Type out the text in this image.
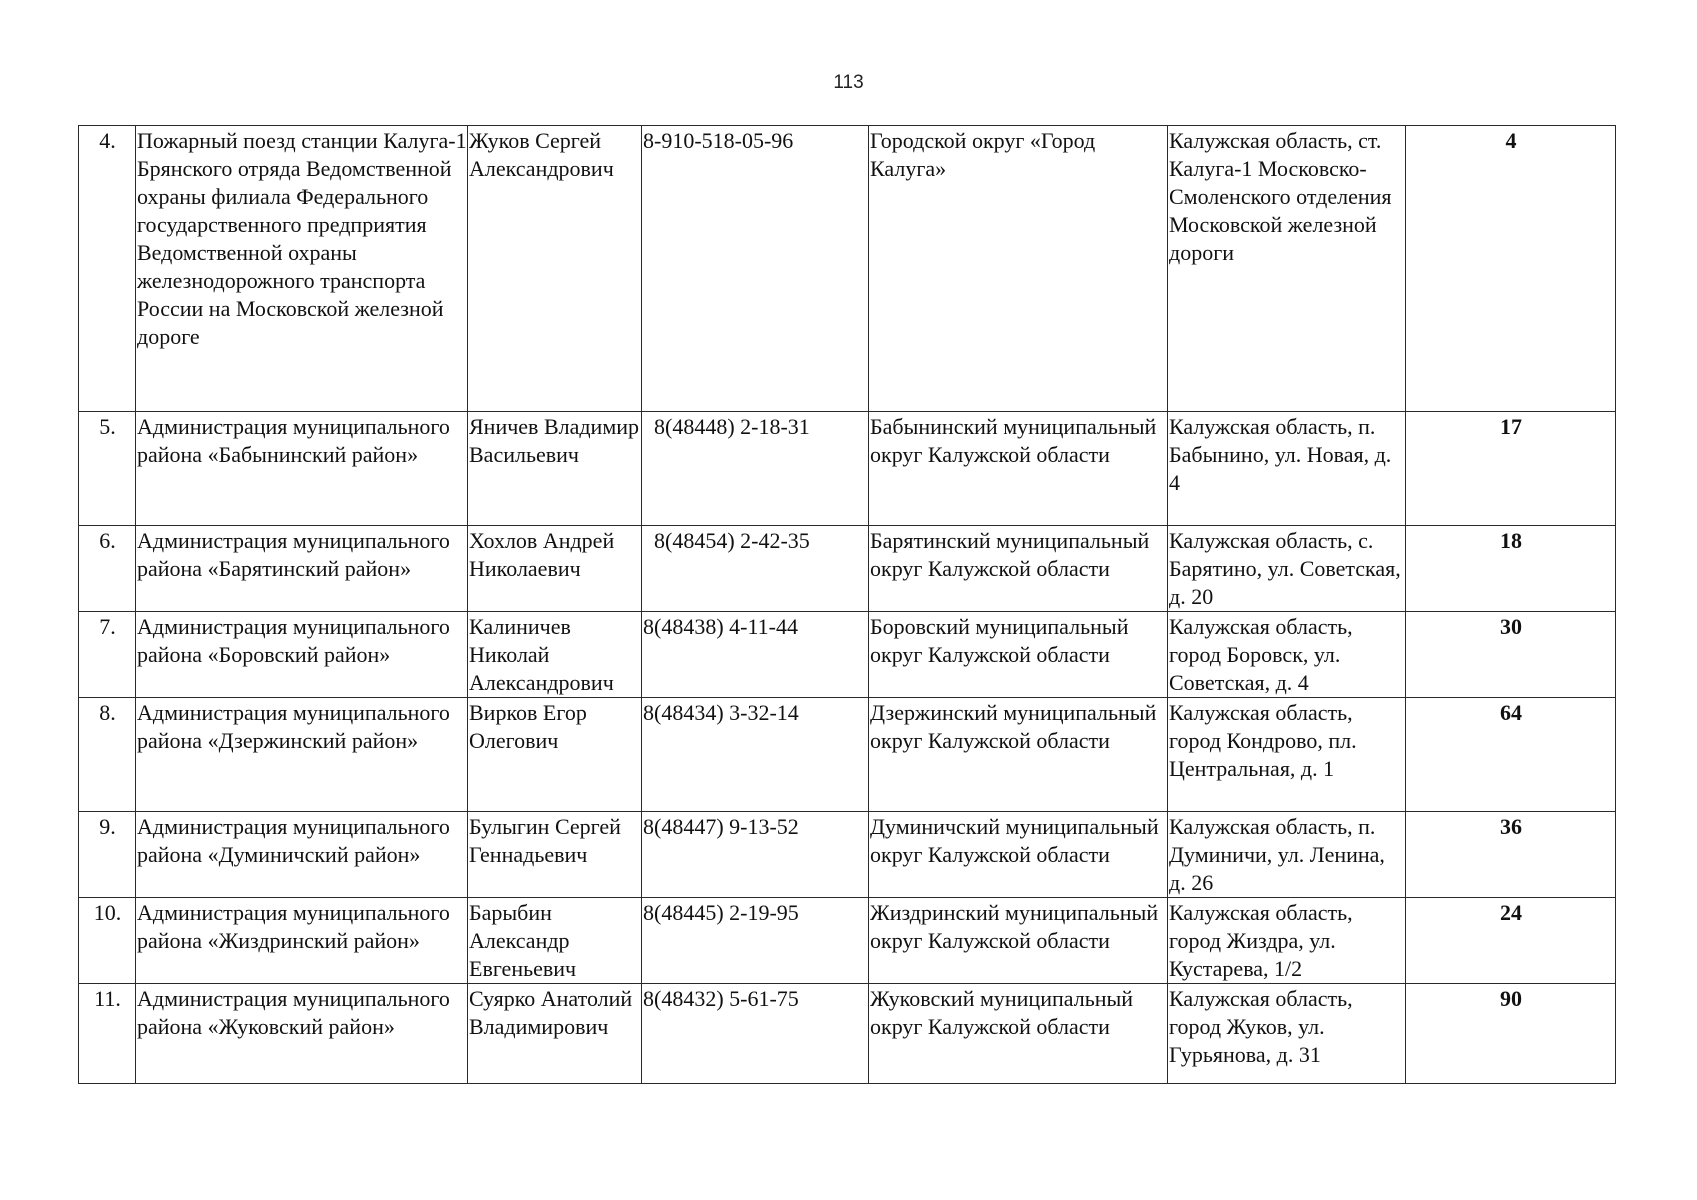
113
4.	Пожарный поезд станции Калуга-1 Брянского отряда Ведомственной охраны филиала Федерального государственного предприятия Ведомственной охраны железнодорожного транспорта России на Московской железной дороге	Жуков Сергей Александрович	8-910-518-05-96	Городской округ «Город Калуга»	Калужская область, ст. Калуга-1 Московско-Смоленского отделения Московской железной дороги	4
5.	Администрация муниципального района «Бабынинский район»	Яничев Владимир Васильевич	8(48448) 2-18-31	Бабынинский муниципальный округ Калужской области	Калужская область, п. Бабынино, ул. Новая, д. 4	17
6.	Администрация муниципального района «Барятинский район»	Хохлов Андрей Николаевич	8(48454) 2-42-35	Барятинский муниципальный округ Калужской области	Калужская область, с. Барятино, ул. Советская, д. 20	18
7.	Администрация муниципального района «Боровский район»	Калиничев Николай Александрович	8(48438) 4-11-44	Боровский муниципальный округ Калужской области	Калужская область, город Боровск, ул. Советская, д. 4	30
8.	Администрация муниципального района «Дзержинский район»	Вирков Егор Олегович	8(48434) 3-32-14	Дзержинский муниципальный округ Калужской области	Калужская область, город Кондрово, пл. Центральная, д. 1	64
9.	Администрация муниципального района «Думиничский район»	Булыгин Сергей Геннадьевич	8(48447) 9-13-52	Думиничский муниципальный округ Калужской области	Калужская область, п. Думиничи, ул. Ленина, д. 26	36
10.	Администрация муниципального района «Жиздринский район»	Барыбин Александр Евгеньевич	8(48445) 2-19-95	Жиздринский муниципальный округ Калужской области	Калужская область, город Жиздра, ул. Кустарева, 1/2	24
11.	Администрация муниципального района «Жуковский район»	Суярко Анатолий Владимирович	8(48432) 5-61-75	Жуковский муниципальный округ Калужской области	Калужская область, город Жуков, ул. Гурьянова, д. 31	90
